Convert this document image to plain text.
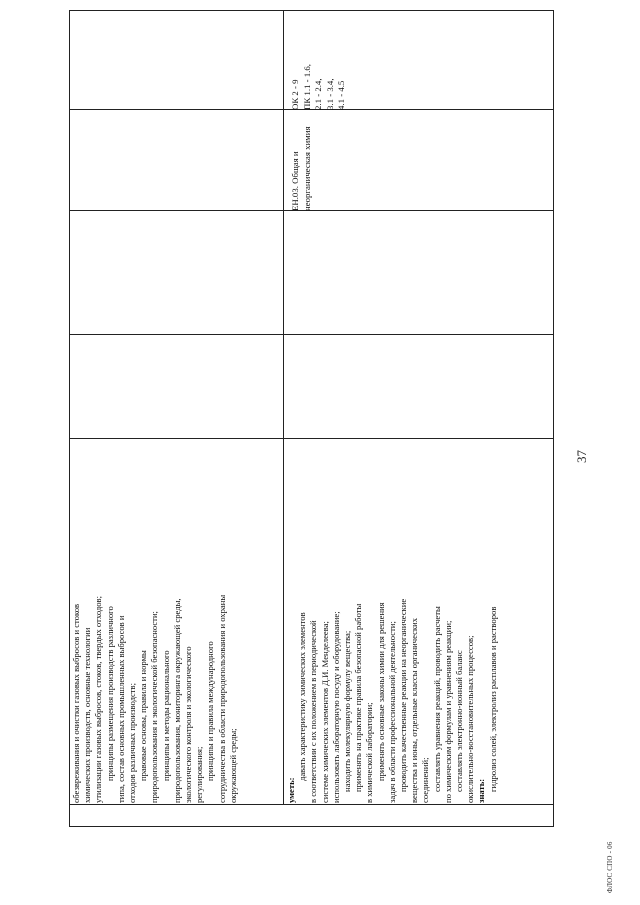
обезвреживания и очистки газовых выбросов и стоков химических производств, основные технологии утилизации газовых выбросов, стоков, твердых отходов; принципы размещения производств различного типа, состав основных промышленных выбросов и отходов различных производств; правовые основы, правила и нормы природопользования и экологической безопасности; принципы и методы рационального природопользования, мониторинга окружающей среды, экологического контроля и экологического регулирования; принципы и правила международного сотрудничества в области природопользования и охраны окружающей среды;	уметь:

давать характеристику химических элементов в соответствии с их положением в периодической системе химических элементов Д.И. Менделеева; использовать лабораторную посуду и оборудование; находить молекулярную формулу вещества; применять на практике правила безопасной работы в химической лаборатории; применять основные законы химии для решения задач в области профессиональной деятельности; проводить качественные реакции на неорганические вещества и ионы, отдельные классы органических соединений; составлять уравнения реакций, проводить расчеты по химическим формулам и уравнениям реакции; составлять электронно-ионный баланс окислительно-восстановительных процессов; знать: гидролиз солей, электролиз расплавов и растворов

ЕН.03. Общая и неорганическая химия
ОК 2 - 9 ПК 1.1 - 1.6, 2.1 - 2.4, 3.1 - 3.4, 4.1 - 4.5
37
ФЛОС СПО - 06
